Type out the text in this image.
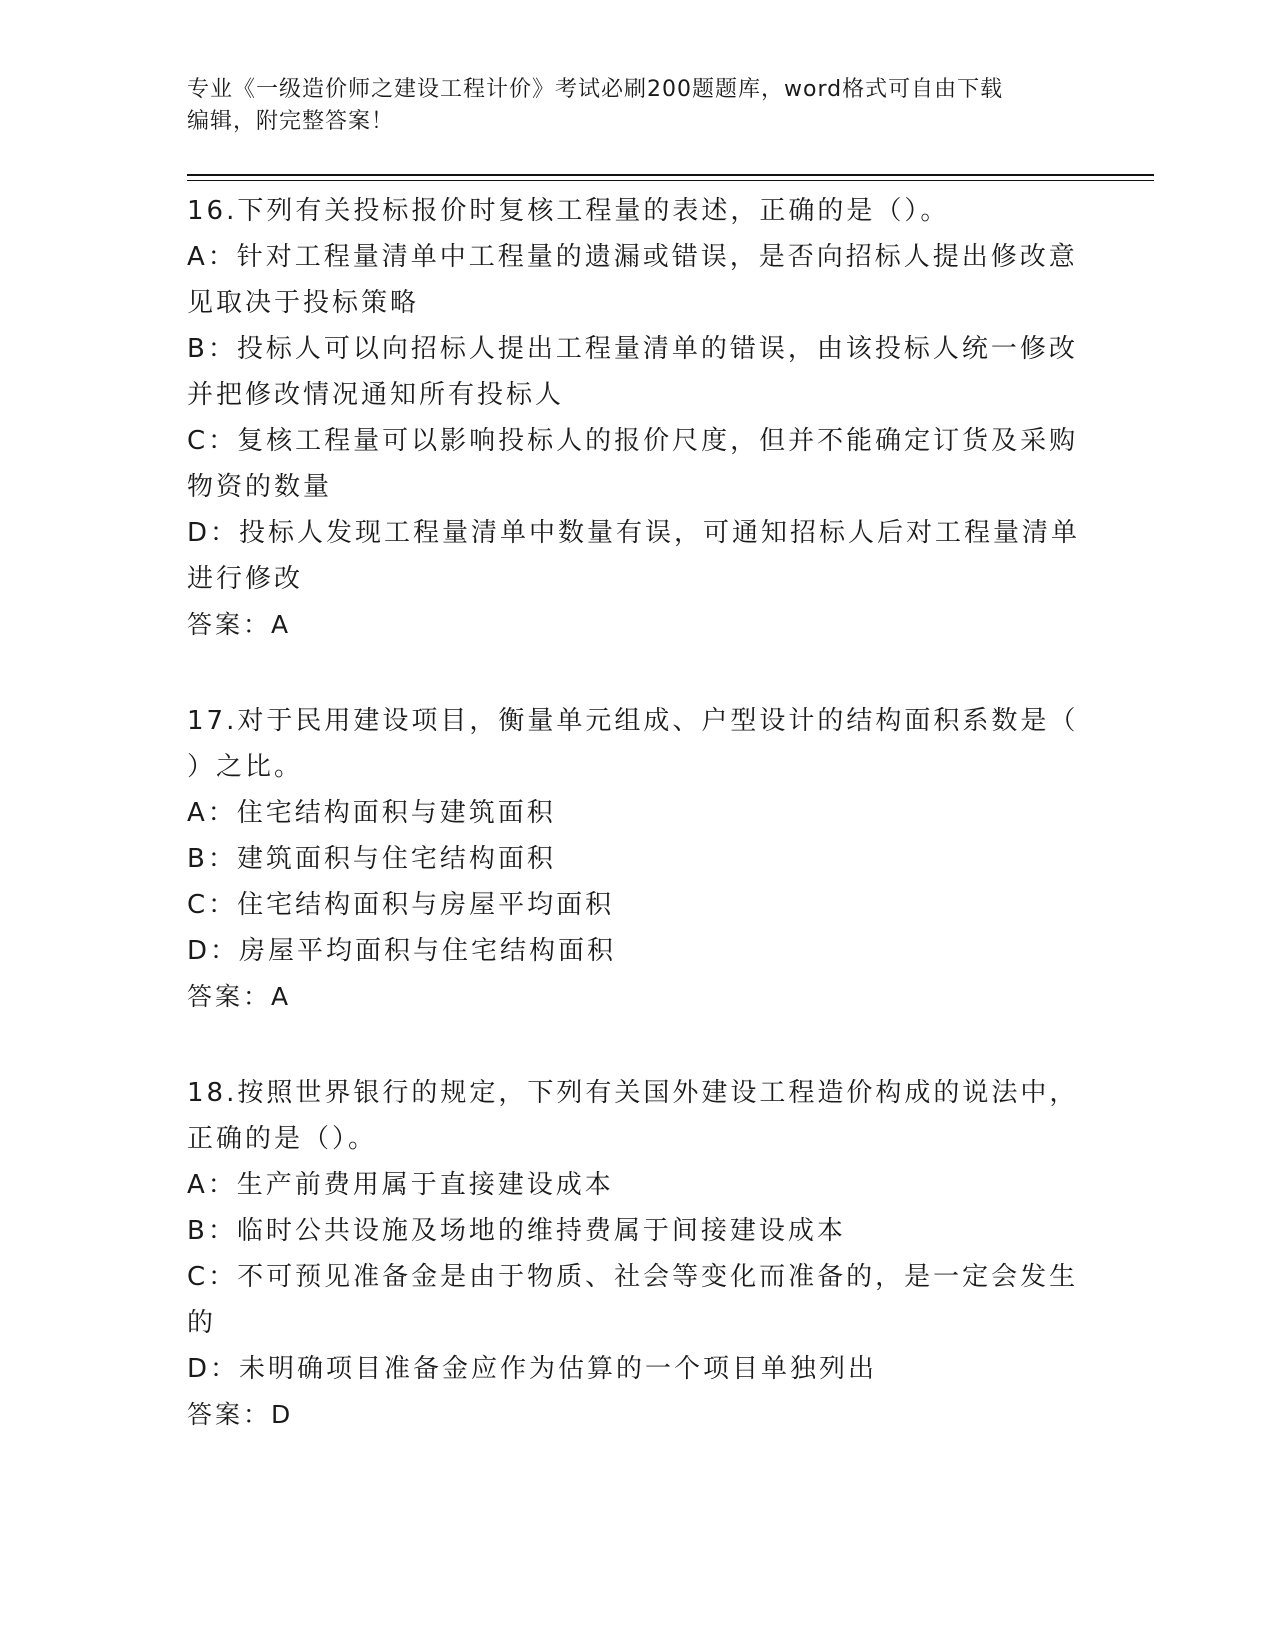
专业《一级造价师之建设工程计价》考试必刷200题题库，word格式可自由下载
编辑，附完整答案！
16.下列有关投标报价时复核工程量的表述，正确的是（）。
A：针对工程量清单中工程量的遗漏或错误，是否向招标人提出修改意
见取决于投标策略
B：投标人可以向招标人提出工程量清单的错误，由该投标人统一修改
并把修改情况通知所有投标人
C：复核工程量可以影响投标人的报价尺度，但并不能确定订货及采购
物资的数量
D：投标人发现工程量清单中数量有误，可通知招标人后对工程量清单
进行修改
答案：A
17.对于民用建设项目，衡量单元组成、户型设计的结构面积系数是（
）之比。
A：住宅结构面积与建筑面积
B：建筑面积与住宅结构面积
C：住宅结构面积与房屋平均面积
D：房屋平均面积与住宅结构面积
答案：A
18.按照世界银行的规定，下列有关国外建设工程造价构成的说法中，
正确的是（）。
A：生产前费用属于直接建设成本
B：临时公共设施及场地的维持费属于间接建设成本
C：不可预见准备金是由于物质、社会等变化而准备的，是一定会发生
的
D：未明确项目准备金应作为估算的一个项目单独列出
答案：D
